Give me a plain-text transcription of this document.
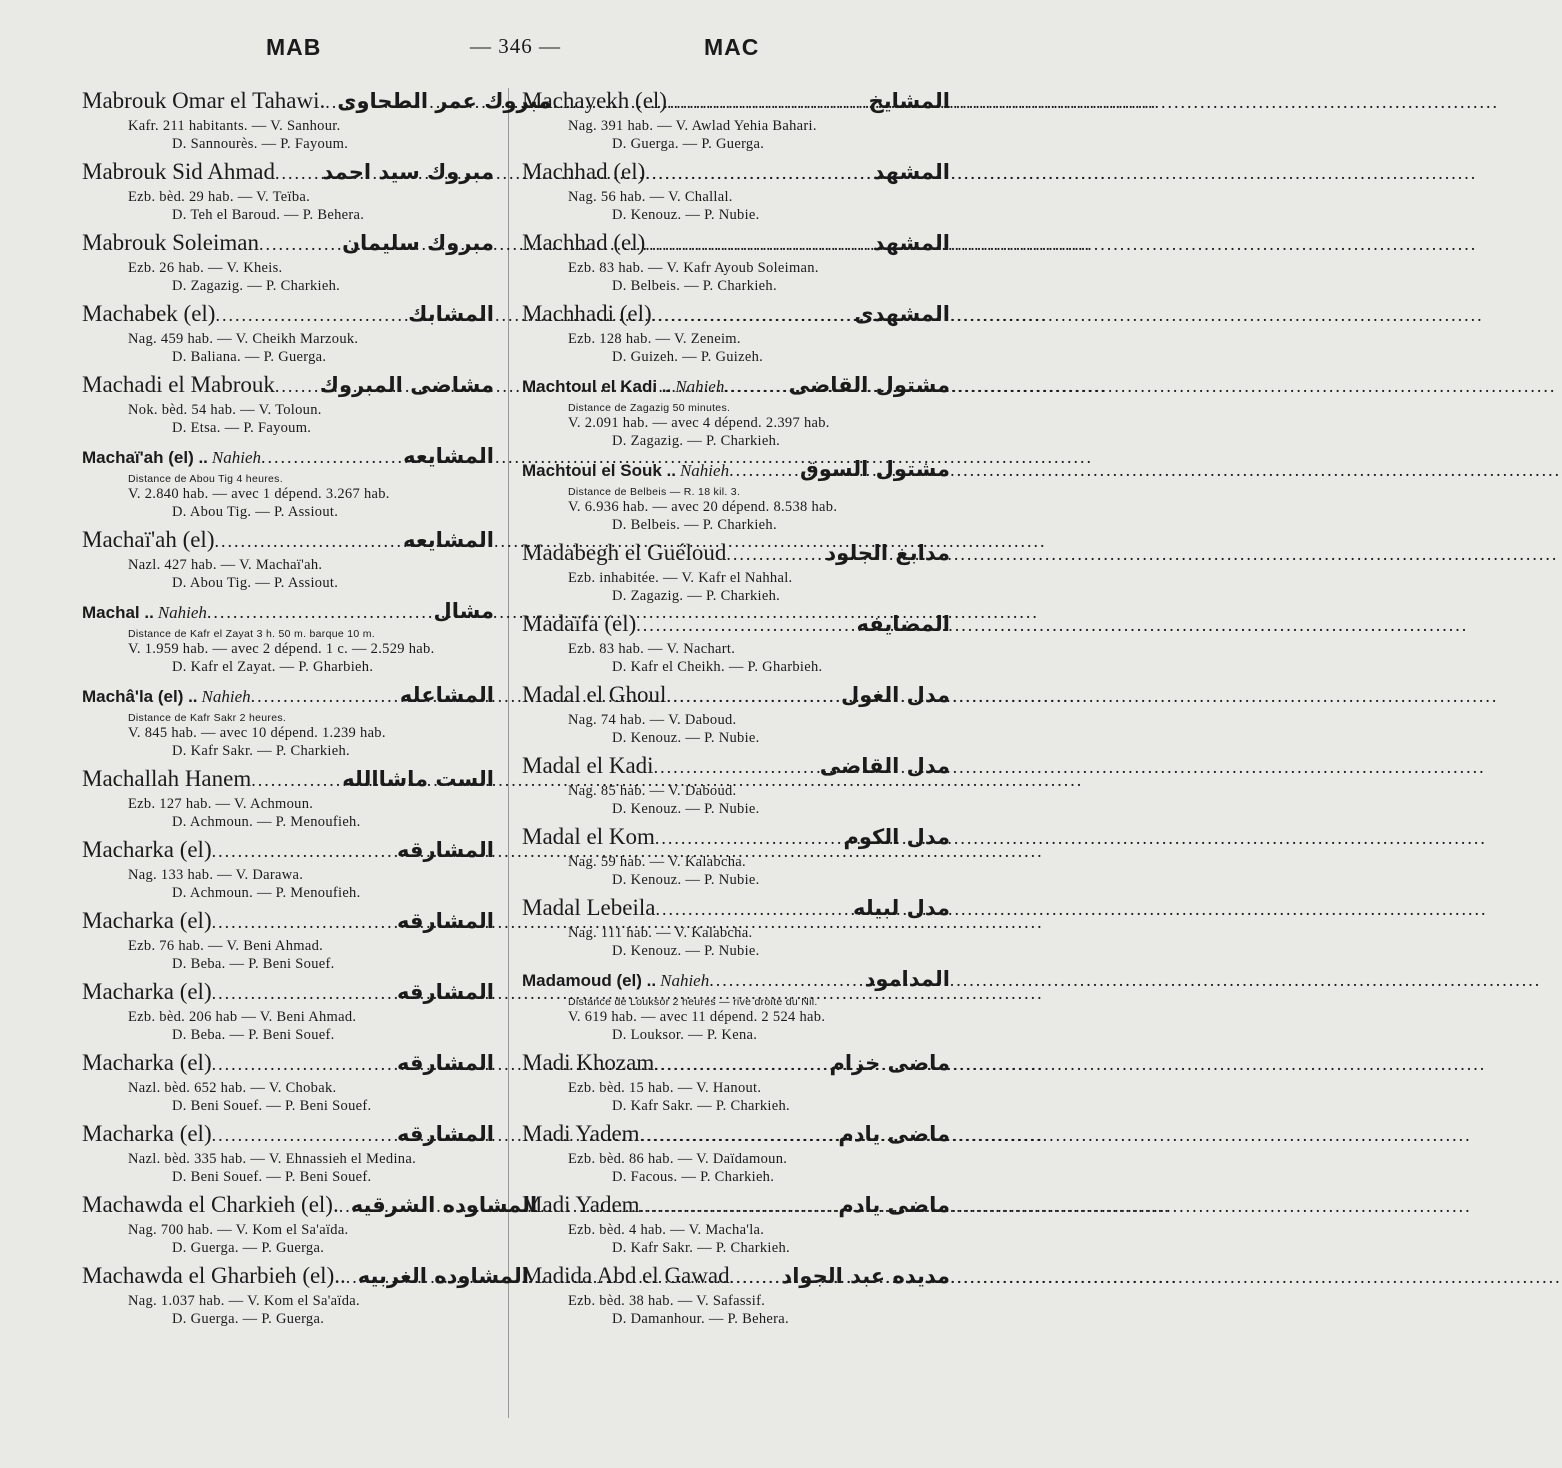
MAB	— 346 —	MAC
Mabrouk Omar el Tahawi. ..... مبروك عمر الطحاوى
Kafr. 211 habitants. — V. Sanhour.
D. Sannourès. — P. Fayoum.
Mabrouk Sid Ahmad ..... مبروك سيد احمد
Ezb. bèd. 29 hab. — V. Teïba.
D. Teh el Baroud. — P. Behera.
Mabrouk Soleiman .....	مبروك سليمان
Ezb. 26 hab. — V. Kheis.
D. Zagazig. — P. Charkieh.
Machabek (el) .....	المشابك
Nag. 459 hab. — V. Cheikh Marzouk.
D. Baliana. — P. Guerga.
Machadi el Mabrouk ..... مشاضى المبروك
Nok. bèd. 54 hab. — V. Toloun.
D. Etsa. — P. Fayoum.
Machaï'ah (el) .. Nahieh .....	المشايعه
Distance de Abou Tig 4 heures.
V. 2.840 hab. — avec 1 dépend. 3.267 hab.
D. Abou Tig. — P. Assiout.
Machaï'ah (el) .....	المشايعه
Nazl. 427 hab. — V. Machaï'ah.
D. Abou Tig. — P. Assiout.
Machal .. Nahieh .....	مشال
Distance de Kafr el Zayat 3 h. 50 m. barque 10 m.
V. 1.959 hab. — avec 2 dépend. 1 c. — 2.529 hab.
D. Kafr el Zayat. — P. Gharbieh.
Machâ'la (el) .. Nahieh .....	المشاعله
Distance de Kafr Sakr 2 heures.
V. 845 hab. — avec 10 dépend. 1.239 hab.
D. Kafr Sakr. — P. Charkieh.
Machallah Hanem .....	الست ماشاالله
Ezb. 127 hab. — V. Achmoun.
D. Achmoun. — P. Menoufieh.
Macharka (el) .....	المشارقه
Nag. 133 hab. — V. Darawa.
D. Achmoun. — P. Menoufieh.
Macharka (el) .....	المشارقه
Ezb. 76 hab. — V. Beni Ahmad.
D. Beba. — P. Beni Souef.
Macharka (el) .....	المشارقه
Ezb. bèd. 206 hab — V. Beni Ahmad.
D. Beba. — P. Beni Souef.
Macharka (el) .....	المشارقه
Nazl. bèd. 652 hab. — V. Chobak.
D. Beni Souef. — P. Beni Souef.
Macharka (el) .....	المشارقه
Nazl. bèd. 335 hab. — V. Ehnassieh el Medina.
D. Beni Souef. — P. Beni Souef.
Machawda el Charkieh (el). ..... المشاوده الشرقيه
Nag. 700 hab. — V. Kom el Sa'aïda.
D. Guerga. — P. Guerga.
Machawda el Gharbieh (el).. ..... المشاوده الغربيه
Nag. 1.037 hab. — V. Kom el Sa'aïda.
D. Guerga. — P. Guerga.
Machayekh (el) .....	المشايخ
Nag. 391 hab. — V. Awlad Yehia Bahari.
D. Guerga. — P. Guerga.
Machhad (el) .....	المشهد
Nag. 56 hab. — V. Challal.
D. Kenouz. — P. Nubie.
Machhad (el) .....	المشهد
Ezb. 83 hab. — V. Kafr Ayoub Soleiman.
D. Belbeis. — P. Charkieh.
Machhadi (el) .....	المشهدى
Ezb. 128 hab. — V. Zeneim.
D. Guizeh. — P. Guizeh.
Machtoul el Kadi .. Nahieh .....	مشتول القاضى
Distance de Zagazig 50 minutes.
V. 2.091 hab. — avec 4 dépend. 2.397 hab.
D. Zagazig. — P. Charkieh.
Machtoul el Souk .. Nahieh .....	مشتول السوق
Distance de Belbeis — R. 18 kil. 3.
V. 6.936 hab. — avec 20 dépend. 8.538 hab.
D. Belbeis. — P. Charkieh.
Madabegh el Guéloud .....	مدابغ الجلود
Ezb. inhabitée. — V. Kafr el Nahhal.
D. Zagazig. — P. Charkieh.
Madaïfa (el) .....	المضايفه
Ezb. 83 hab. — V. Nachart.
D. Kafr el Cheikh. — P. Gharbieh.
Madal el Ghoul .....	مدل الغول
Nag. 74 hab. — V. Daboud.
D. Kenouz. — P. Nubie.
Madal el Kadi .....	مدل القاضى
Nag. 85 hab. — V. Daboud.
D. Kenouz. — P. Nubie.
Madal el Kom .....	مدل الكوم
Nag. 59 hab. — V. Kalabcha.
D. Kenouz. — P. Nubie.
Madal Lebeila .....	مدل لبيله
Nag. 111 hab. — V. Kalabcha.
D. Kenouz. — P. Nubie.
Madamoud (el) .. Nahieh .....	المدامود
Distance de Louksor 2 heures — rive droite du Nil.
V. 619 hab. — avec 11 dépend. 2 524 hab.
D. Louksor. — P. Kena.
Madi Khozam .....	ماضى خزام
Ezb. bèd. 15 hab. — V. Hanout.
D. Kafr Sakr. — P. Charkieh.
Madi Yadem .....	ماضى يادم
Ezb. bèd. 86 hab. — V. Daïdamoun.
D. Facous. — P. Charkieh.
Madi Yadem .....	ماضى يادم
Ezb. bèd. 4 hab. — V. Macha'la.
D. Kafr Sakr. — P. Charkieh.
Madida Abd el Gawad ..... مديده عبد الجواد
Ezb. bèd. 38 hab. — V. Safassif.
D. Damanhour. — P. Behera.
